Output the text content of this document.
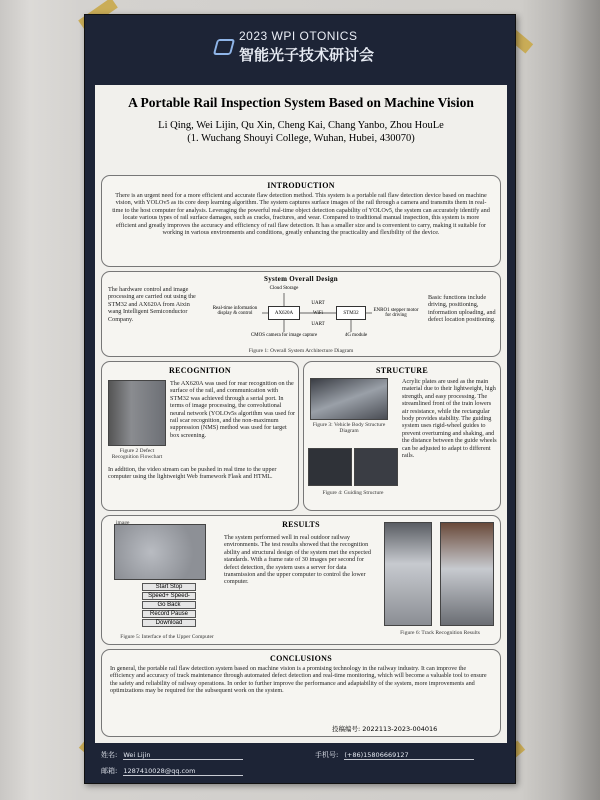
2023 WPI OTONICS
智能光子技术研讨会
A Portable Rail Inspection System Based on Machine Vision
Li Qing, Wei Lijin, Qu Xin, Cheng Kai, Chang Yanbo, Zhou HouLe
(1. Wuchang Shouyi College, Wuhan, Hubei, 430070)
INTRODUCTION
There is an urgent need for a more efficient and accurate flaw detection method. This system is a portable rail flaw detection device based on machine vision, with YOLOv5 as its core deep learning algorithm. The system captures surface images of the rail through a camera and transmits them in real-time to the host computer for analysis. Leveraging the powerful real-time object detection capability of YOLOv5, the system can accurately identify and locate various types of rail surface damages, such as cracks, fractures, and wear. Compared to traditional manual inspection, this system is more efficient and greatly improves the accuracy and efficiency of rail flaw detection. It has a smaller size and is convenient to carry, making it suitable for working in various environments and conditions, greatly enhancing the practicality and flexibility of the device.
System Overall Design
The hardware control and image processing are carried out using the STM32 and AX620A from Aixin wang Intelligent Semiconductor Company.
Basic functions include driving, positioning, information uploading, and defect location positioning.
Cloud Storage
AX620A	STM32
UART
UART
WiFi
Real-time information display & control
ENRO1 stepper motor for driving
CMOS camera for image capture	4G module
Figure 1: Overall System Architecture Diagram
RECOGNITION
Figure 2 Defect Recognition Flowchart
The AX620A was used for rear recognition on the surface of the rail, and communication with STM32 was achieved through a serial port. In terms of image processing, the convolutional neural network (YOLOv5s algorithm was used for rail scar recognition, and the non-maximum suppression (NMS) method was used for target box screening.
In addition, the video stream can be pushed in real time to the upper computer using the lightweight Web framework Flask and HTML.
STRUCTURE
Figure 3: Vehicle Body Structure Diagram
Figure 4: Guiding Structure
Acrylic plates are used as the main material due to their lightweight, high strength, and easy processing. The streamlined front of the train lowers air resistance, while the rectangular body provides stability. The guiding system uses rigid-wheel guides to prevent overturning and shaking, and the distance between the guide wheels can be adjusted to adapt to different rails.
RESULTS
image
Start Stop
Speed+ Speed-
Go Back
Record Pause
Download
Figure 5: Interface of the Upper Computer
The system performed well in real outdoor railway environments. The test results showed that the recognition ability and structural design of the system met the expected standards. With a frame rate of 30 images per second for defect detection, the system uses a server for data transmission and the upper computer to control the lower computer.
Figure 6: Track Recognition Results
CONCLUSIONS
In general, the portable rail flaw detection system based on machine vision is a promising technology in the railway industry. It can improve the efficiency and accuracy of track maintenance through automated defect detection and real-time monitoring, which will become a valuable tool to ensure the safety and reliability of railway operations. In order to further improve the performance and adaptability of the system, more improvements and optimizations may be required for the subsequent work on the system.
投稿编号: 2022113-2023-004016
姓名: Wei Lijin	手机号: (+86)15806669127
邮箱: 1287410028@qq.com
